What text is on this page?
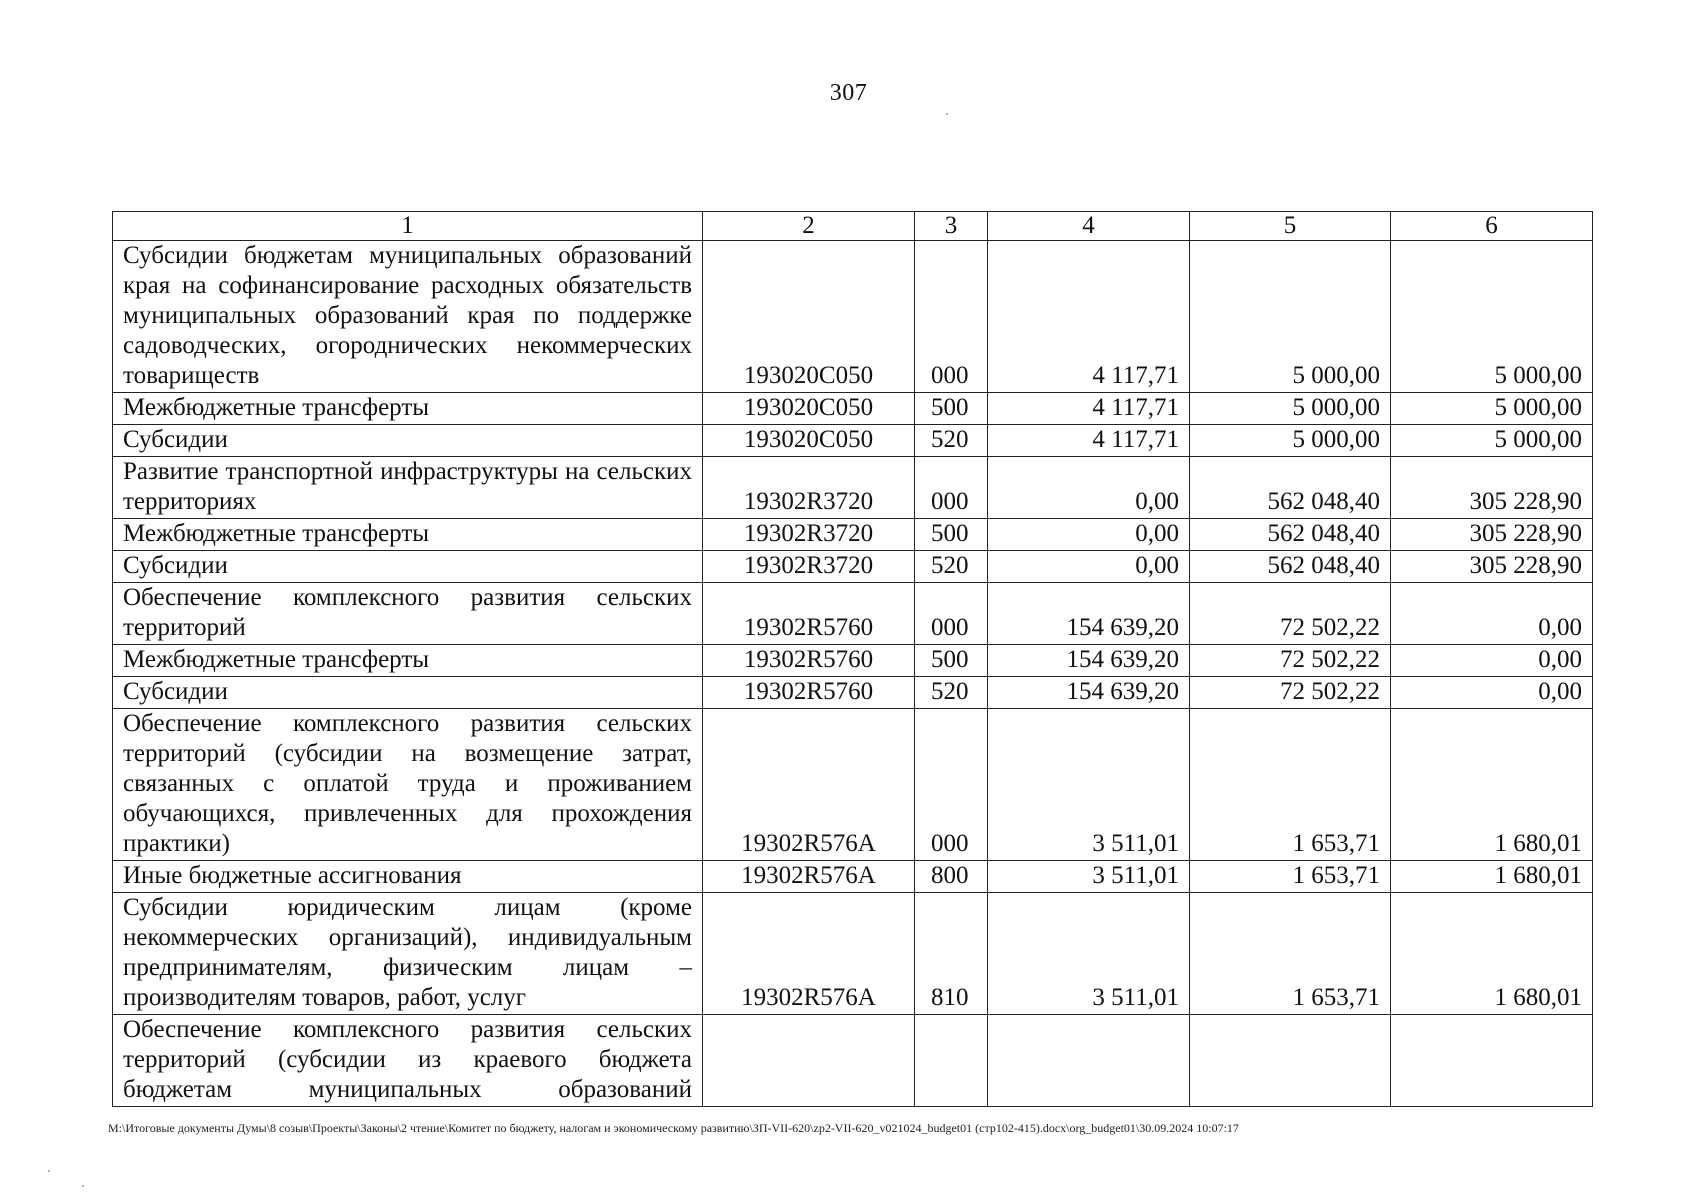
307
1	2	3	4	5	6
Субсидии бюджетам муниципальных образований края на софинансирование расходных обязательств муниципальных образований края по поддержке садоводческих, огороднических некоммерческих товариществ	193020С050	000	4 117,71	5 000,00	5 000,00
Межбюджетные трансферты	193020С050	500	4 117,71	5 000,00	5 000,00
Субсидии	193020С050	520	4 117,71	5 000,00	5 000,00
Развитие транспортной инфраструктуры на сельских территориях	19302R3720	000	0,00	562 048,40	305 228,90
Межбюджетные трансферты	19302R3720	500	0,00	562 048,40	305 228,90
Субсидии	19302R3720	520	0,00	562 048,40	305 228,90
Обеспечение комплексного развития сельских территорий	19302R5760	000	154 639,20	72 502,22	0,00
Межбюджетные трансферты	19302R5760	500	154 639,20	72 502,22	0,00
Субсидии	19302R5760	520	154 639,20	72 502,22	0,00
Обеспечение комплексного развития сельских территорий (субсидии на возмещение затрат, связанных с оплатой труда и проживанием обучающихся, привлеченных для прохождения практики)	19302R576А	000	3 511,01	1 653,71	1 680,01
Иные бюджетные ассигнования	19302R576А	800	3 511,01	1 653,71	1 680,01
Субсидии юридическим лицам (кроме некоммерческих организаций), индивидуальным предпринимателям, физическим лицам – производителям товаров, работ, услуг	19302R576А	810	3 511,01	1 653,71	1 680,01
Обеспечение комплексного развития сельских территорий (субсидии из краевого бюджета бюджетам муниципальных образований					
M:\Итоговые документы Думы\8 созыв\Проекты\Законы\2 чтение\Комитет по бюджету, налогам и экономическому развитию\ЗП-VII-620\zp2-VII-620_v021024_budget01 (стр102-415).docx\org_budget01\30.09.2024 10:07:17
